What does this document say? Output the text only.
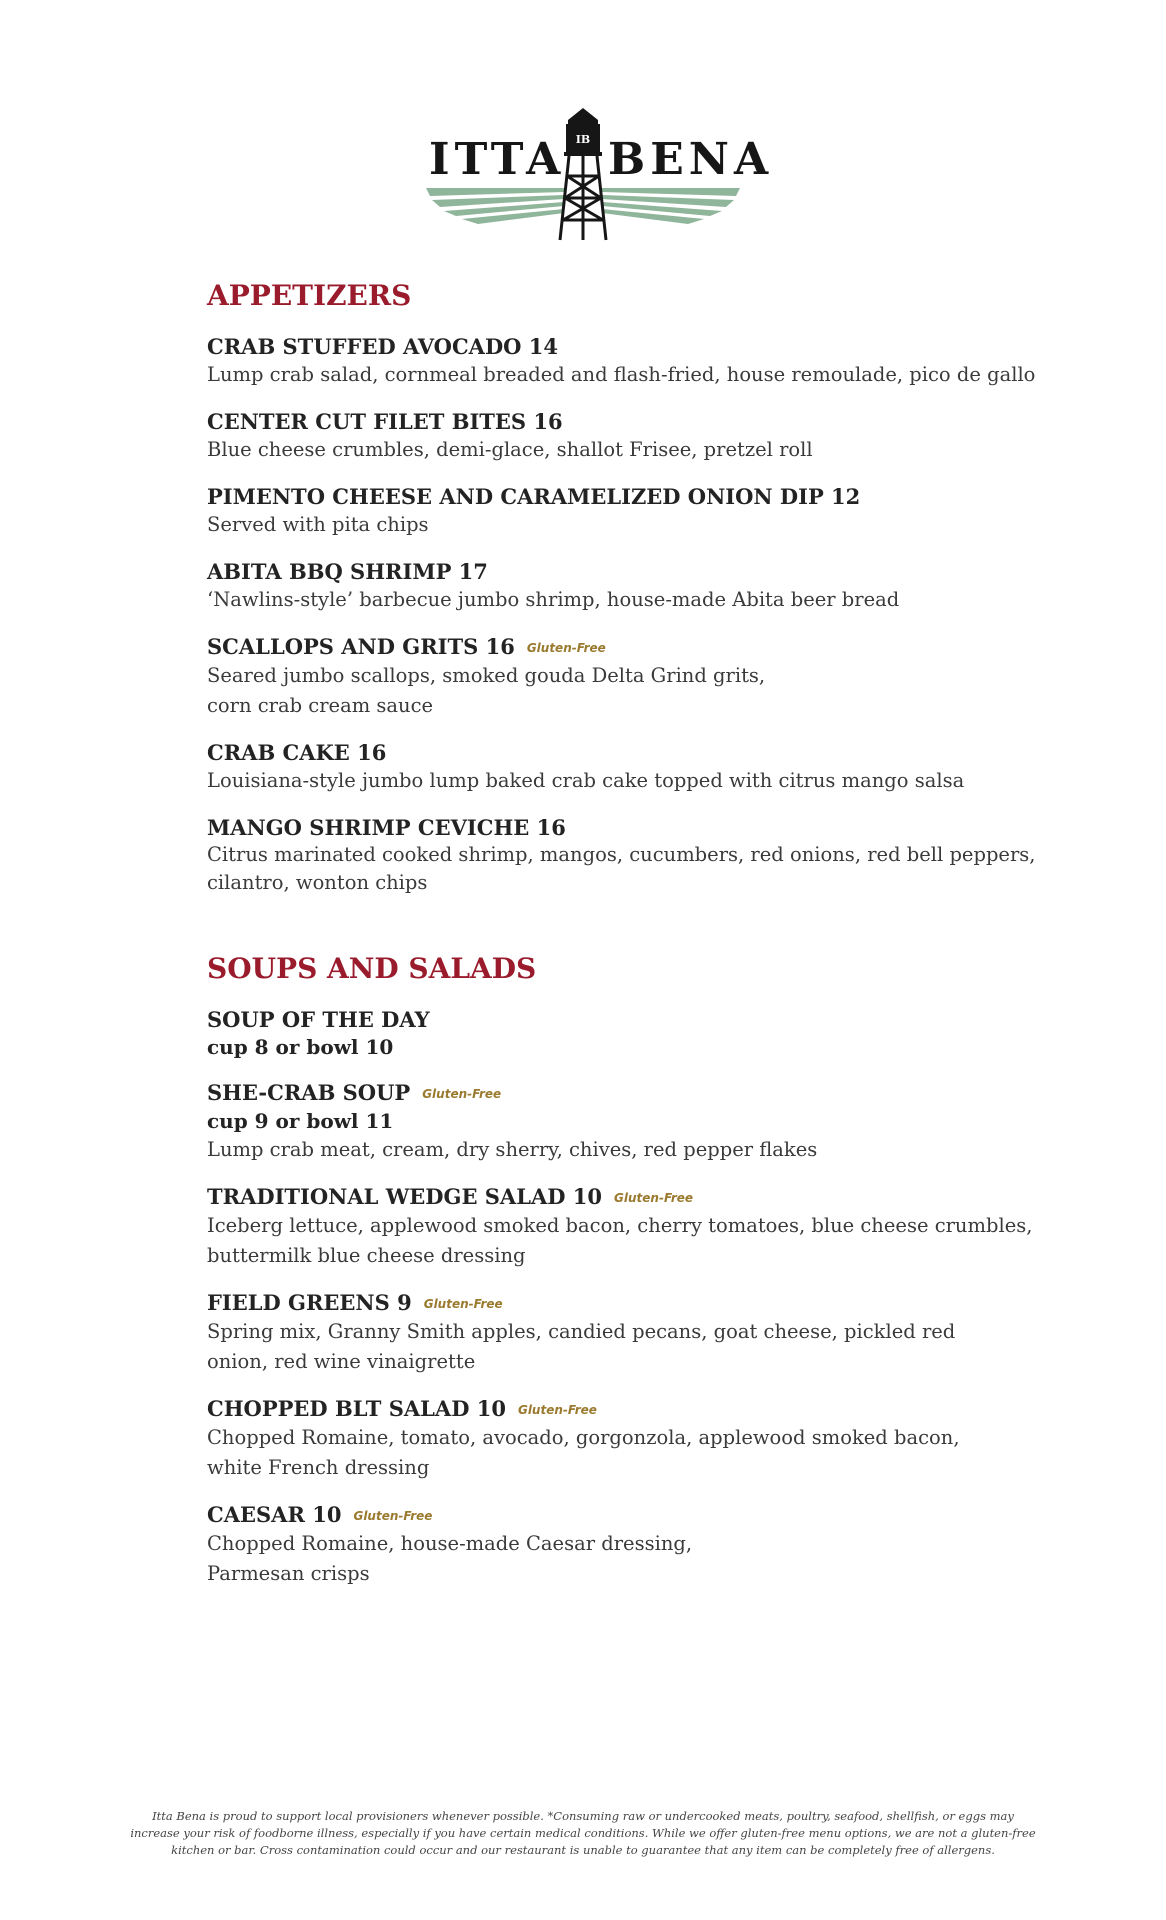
IB
ITTA BENA
APPETIZERS
CRAB STUFFED AVOCADO 14
Lump crab salad, cornmeal breaded and flash-fried, house remoulade, pico de gallo
CENTER CUT FILET BITES 16
Blue cheese crumbles, demi-glace, shallot Frisee, pretzel roll
PIMENTO CHEESE AND CARAMELIZED ONION DIP 12
Served with pita chips
ABITA BBQ SHRIMP 17
‘Nawlins-style’ barbecue jumbo shrimp, house-made Abita beer bread
SCALLOPS AND GRITS 16 Gluten-Free
Seared jumbo scallops, smoked gouda Delta Grind grits, corn crab cream sauce
CRAB CAKE 16
Louisiana-style jumbo lump baked crab cake topped with citrus mango salsa
MANGO SHRIMP CEVICHE 16
Citrus marinated cooked shrimp, mangos, cucumbers, red onions, red bell peppers, cilantro, wonton chips
SOUPS AND SALADS
SOUP OF THE DAY
cup 8 or bowl 10
SHE-CRAB SOUP Gluten-Free
cup 9 or bowl 11
Lump crab meat, cream, dry sherry, chives, red pepper flakes
TRADITIONAL WEDGE SALAD 10 Gluten-Free
Iceberg lettuce, applewood smoked bacon, cherry tomatoes, blue cheese crumbles, buttermilk blue cheese dressing
FIELD GREENS 9 Gluten-Free
Spring mix, Granny Smith apples, candied pecans, goat cheese, pickled red onion, red wine vinaigrette
CHOPPED BLT SALAD 10 Gluten-Free
Chopped Romaine, tomato, avocado, gorgonzola, applewood smoked bacon, white French dressing
CAESAR 10 Gluten-Free
Chopped Romaine, house-made Caesar dressing, Parmesan crisps
Itta Bena is proud to support local provisioners whenever possible. *Consuming raw or undercooked meats, poultry, seafood, shellfish, or eggs may increase your risk of foodborne illness, especially if you have certain medical conditions. While we offer gluten-free menu options, we are not a gluten-free kitchen or bar. Cross contamination could occur and our restaurant is unable to guarantee that any item can be completely free of allergens.
